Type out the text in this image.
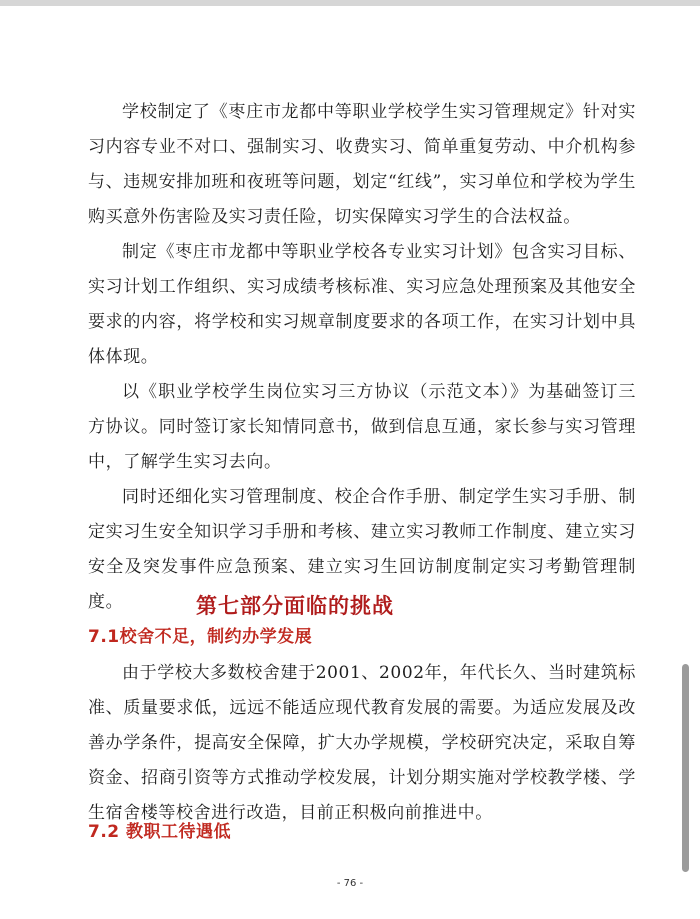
学校制定了《枣庄市龙都中等职业学校学生实习管理规定》针对实习内容专业不对口、强制实习、收费实习、简单重复劳动、中介机构参与、违规安排加班和夜班等问题，划定“红线”，实习单位和学校为学生购买意外伤害险及实习责任险，切实保障实习学生的合法权益。

制定《枣庄市龙都中等职业学校各专业实习计划》包含实习目标、实习计划工作组织、实习成绩考核标准、实习应急处理预案及其他安全要求的内容，将学校和实习规章制度要求的各项工作，在实习计划中具体体现。

以《职业学校学生岗位实习三方协议（示范文本）》为基础签订三方协议。同时签订家长知情同意书，做到信息互通，家长参与实习管理中，了解学生实习去向。

同时还细化实习管理制度、校企合作手册、制定学生实习手册、制定实习生安全知识学习手册和考核、建立实习教师工作制度、建立实习安全及突发事件应急预案、建立实习生回访制度制定实习考勤管理制度。	第七部分面临的挑战
7.1校舍不足，制约办学发展

由于学校大多数校舍建于2001、2002年，年代长久、当时建筑标准、质量要求低，远远不能适应现代教育发展的需要。为适应发展及改善办学条件，提高安全保障，扩大办学规模，学校研究决定，采取自筹资金、招商引资等方式推动学校发展，计划分期实施对学校教学楼、学生宿舍楼等校舍进行改造，目前正积极向前推进中。

7.2 教职工待遇低
- 76 -
